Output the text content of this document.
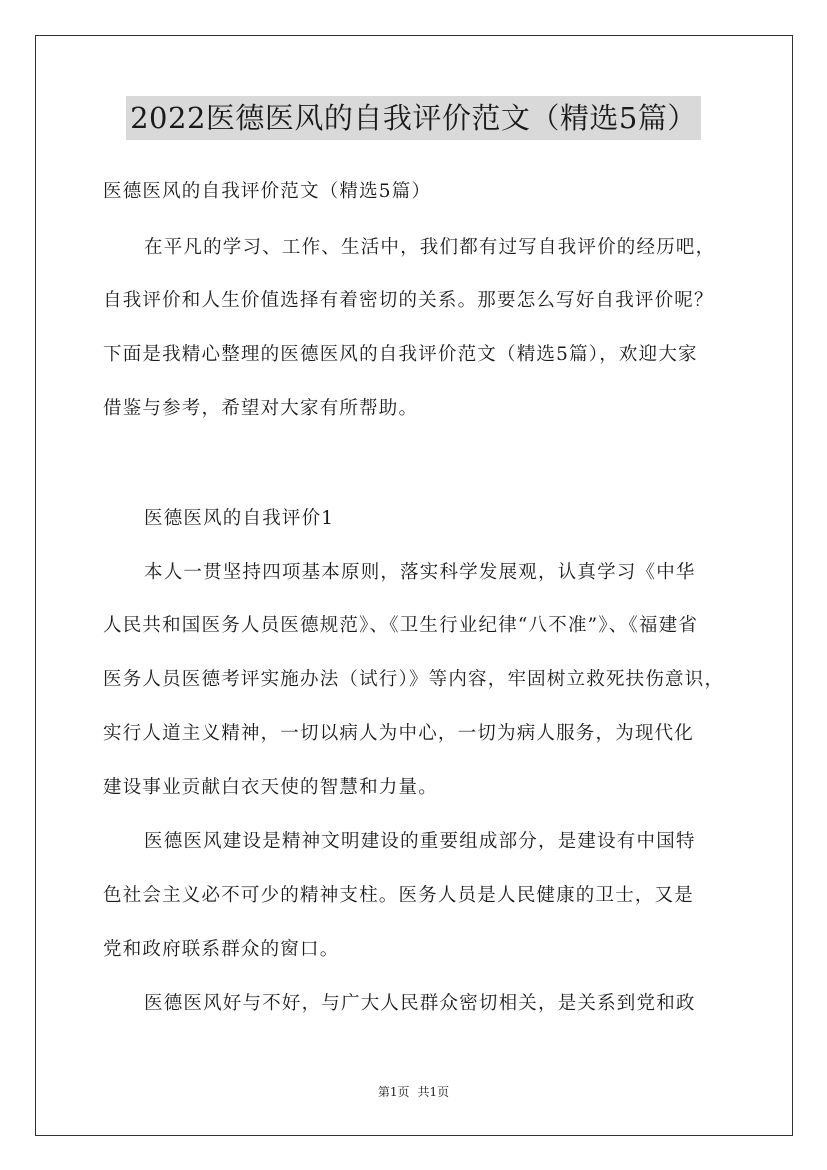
2022医德医风的自我评价范文（精选5篇）
医德医风的自我评价范文（精选5篇）
在平凡的学习、工作、生活中，我们都有过写自我评价的经历吧，
自我评价和人生价值选择有着密切的关系。那要怎么写好自我评价呢？
下面是我精心整理的医德医风的自我评价范文（精选5篇），欢迎大家
借鉴与参考，希望对大家有所帮助。
医德医风的自我评价1
本人一贯坚持四项基本原则，落实科学发展观，认真学习《中华
人民共和国医务人员医德规范》、《卫生行业纪律“八不准”》、《福建省
医务人员医德考评实施办法（试行）》等内容，牢固树立救死扶伤意识，
实行人道主义精神，一切以病人为中心，一切为病人服务，为现代化
建设事业贡献白衣天使的智慧和力量。
医德医风建设是精神文明建设的重要组成部分，是建设有中国特
色社会主义必不可少的精神支柱。医务人员是人民健康的卫士，又是
党和政府联系群众的窗口。
医德医风好与不好，与广大人民群众密切相关，是关系到党和政
第1页 共1页
